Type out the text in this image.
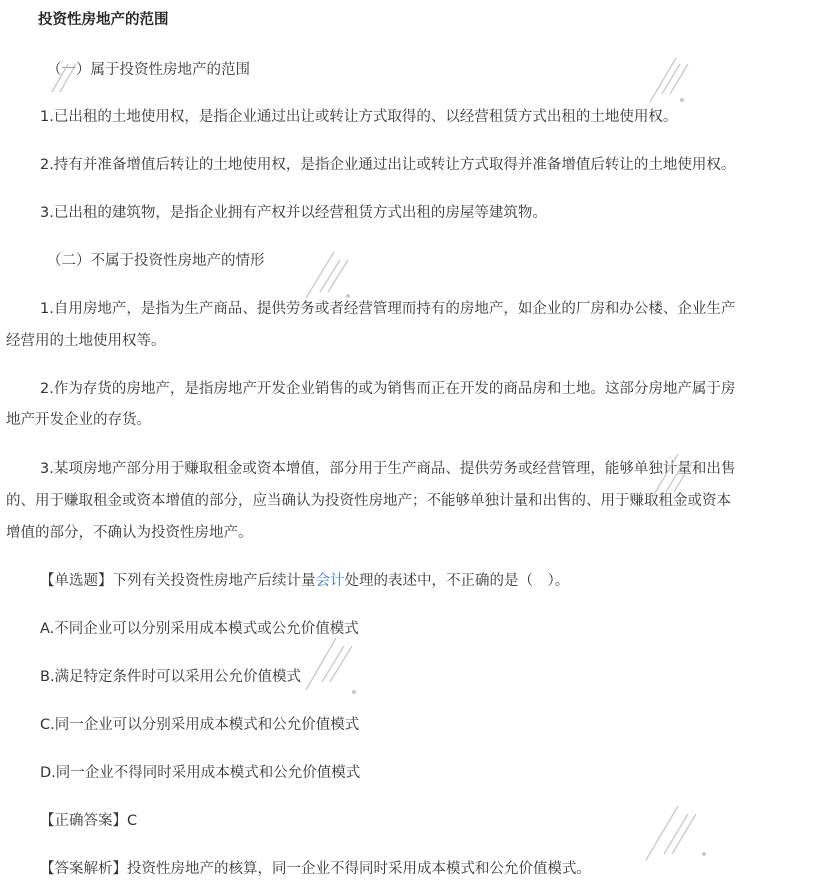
投资性房地产的范围
（一）属于投资性房地产的范围
1.已出租的土地使用权，是指企业通过出让或转让方式取得的、以经营租赁方式出租的土地使用权。
2.持有并准备增值后转让的土地使用权，是指企业通过出让或转让方式取得并准备增值后转让的土地使用权。
3.已出租的建筑物，是指企业拥有产权并以经营租赁方式出租的房屋等建筑物。
（二）不属于投资性房地产的情形
1.自用房地产，是指为生产商品、提供劳务或者经营管理而持有的房地产，如企业的厂房和办公楼、企业生产
经营用的土地使用权等。
2.作为存货的房地产，是指房地产开发企业销售的或为销售而正在开发的商品房和土地。这部分房地产属于房
地产开发企业的存货。
3.某项房地产部分用于赚取租金或资本增值，部分用于生产商品、提供劳务或经营管理，能够单独计量和出售
的、用于赚取租金或资本增值的部分，应当确认为投资性房地产；不能够单独计量和出售的、用于赚取租金或资本
增值的部分，不确认为投资性房地产。
【单选题】下列有关投资性房地产后续计量会计处理的表述中，不正确的是（　）。
A.不同企业可以分别采用成本模式或公允价值模式
B.满足特定条件时可以采用公允价值模式
C.同一企业可以分别采用成本模式和公允价值模式
D.同一企业不得同时采用成本模式和公允价值模式
【正确答案】C
【答案解析】投资性房地产的核算，同一企业不得同时采用成本模式和公允价值模式。
